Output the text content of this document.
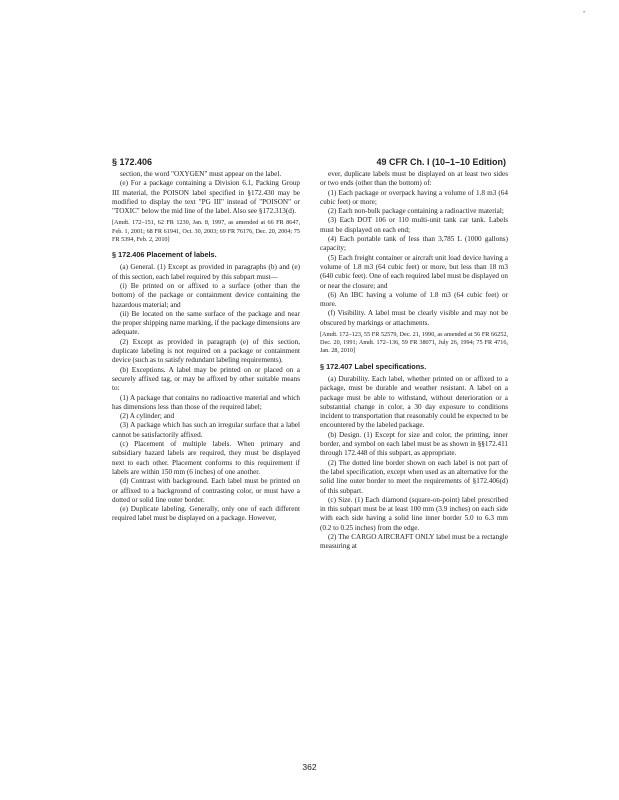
•
§ 172.406	49 CFR Ch. I (10–1–10 Edition)

section, the word "OXYGEN" must appear on the label.

(e) For a package containing a Division 6.1, Packing Group III material, the POISON label specified in §172.430 may be modified to display the text "PG III" instead of "POISON" or "TOXIC" below the mid line of the label. Also see §172.313(d).

[Amdt. 172–151, 62 FR 1230, Jan. 8, 1997, as amended at 66 FR 8647, Feb. 1, 2001; 68 FR 61941, Oct. 30, 2003; 69 FR 76176, Dec. 20, 2004; 75 FR 5394, Feb. 2, 2010]

§ 172.406 Placement of labels.

(a) General. (1) Except as provided in paragraphs (b) and (e) of this section, each label required by this subpart must—

(i) Be printed on or affixed to a surface (other than the bottom) of the package or containment device containing the hazardous material; and

(ii) Be located on the same surface of the package and near the proper shipping name marking, if the package dimensions are adequate.

(2) Except as provided in paragraph (e) of this section, duplicate labeling is not required on a package or containment device (such as to satisfy redundant labeling requirements).

(b) Exceptions. A label may be printed on or placed on a securely affixed tag, or may be affixed by other suitable means to:

(1) A package that contains no radioactive material and which has dimensions less than those of the required label;

(2) A cylinder; and

(3) A package which has such an irregular surface that a label cannot be satisfactorily affixed.

(c) Placement of multiple labels. When primary and subsidiary hazard labels are required, they must be displayed next to each other. Placement conforms to this requirement if labels are within 150 mm (6 inches) of one another.

(d) Contrast with background. Each label must be printed on or affixed to a background of contrasting color, or must have a dotted or solid line outer border.

(e) Duplicate labeling. Generally, only one of each different required label must be displayed on a package. However,

ever, duplicate labels must be displayed on at least two sides or two ends (other than the bottom) of:

(1) Each package or overpack having a volume of 1.8 m3 (64 cubic feet) or more;

(2) Each non-bulk package containing a radioactive material;

(3) Each DOT 106 or 110 multi-unit tank car tank. Labels must be displayed on each end;

(4) Each portable tank of less than 3,785 L (1000 gallons) capacity;

(5) Each freight container or aircraft unit load device having a volume of 1.8 m3 (64 cubic feet) or more, but less than 18 m3 (640 cubic feet). One of each required label must be displayed on or near the closure; and

(6) An IBC having a volume of 1.8 m3 (64 cubic feet) or more.

(f) Visibility. A label must be clearly visible and may not be obscured by markings or attachments.

[Amdt. 172–123, 55 FR 52579, Dec. 21, 1990, as amended at 56 FR 66252, Dec. 20, 1991; Amdt. 172–136, 59 FR 38071, July 26, 1994; 75 FR 4716, Jan. 28, 2010]

§ 172.407 Label specifications.

(a) Durability. Each label, whether printed on or affixed to a package, must be durable and weather resistant. A label on a package must be able to withstand, without deterioration or a substantial change in color, a 30 day exposure to conditions incident to transportation that reasonably could be expected to be encountered by the labeled package.

(b) Design. (1) Except for size and color, the printing, inner border, and symbol on each label must be as shown in §§172.411 through 172.448 of this subpart, as appropriate.

(2) The dotted line border shown on each label is not part of the label specification, except when used as an alternative for the solid line outer border to meet the requirements of §172.406(d) of this subpart.

(c) Size. (1) Each diamond (square-on-point) label prescribed in this subpart must be at least 100 mm (3.9 inches) on each side with each side having a solid line inner border 5.0 to 6.3 mm (0.2 to 0.25 inches) from the edge.

(2) The CARGO AIRCRAFT ONLY label must be a rectangle measuring at

362
